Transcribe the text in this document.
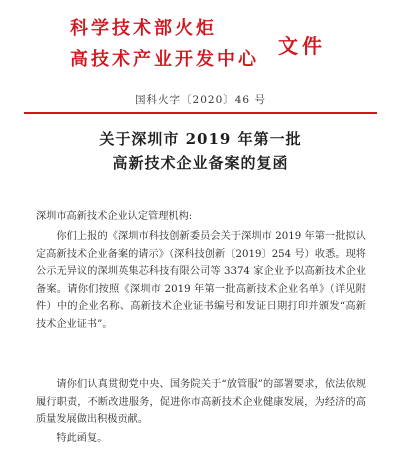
科学技术部火炬
高技术产业开发中心
文件
国科火字〔2020〕46 号
关于深圳市 2019 年第一批
高新技术企业备案的复函
深圳市高新技术企业认定管理机构:
你们上报的《深圳市科技创新委员会关于深圳市 2019 年第一批拟认定高新技术企业备案的请示》（深科技创新〔2019〕254 号）收悉。现将公示无异议的深圳英集芯科技有限公司等 3374 家企业予以高新技术企业备案。请你们按照《深圳市 2019 年第一批高新技术企业名单》（详见附件）中的企业名称、高新技术企业证书编号和发证日期打印并颁发“高新技术企业证书”。
请你们认真贯彻党中央、国务院关于“放管服”的部署要求，依法依规履行职责，不断改进服务，促进你市高新技术企业健康发展，为经济的高质量发展做出积极贡献。
特此函复。
